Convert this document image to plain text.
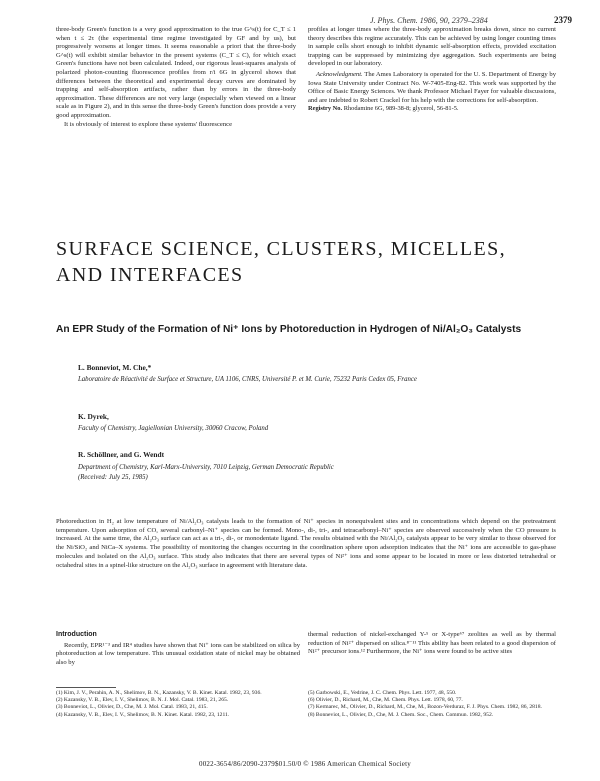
J. Phys. Chem. 1986, 90, 2379–2384	2379

three-body Green's function is a very good approximation to the true G^s(t) for C_T ≤ 1 when t ≤ 2τ (the experimental time regime investigated by GF and by us), but progressively worsens at longer times. It seems reasonable a priori that the three-body G^s(t) will exhibit similar behavior in the present systems (C_T ≤ C), for which exact Green's functions have not been calculated. Indeed, our rigorous least-squares analysis of polarized photon-counting fluorescence profiles from r/i 6G in glycerol shows that differences between the theoretical and experimental decay curves are dominated by trapping and self-absorption artifacts, rather than by errors in the three-body approximation. These differences are not very large (especially when viewed on a linear scale as in Figure 2), and in this sense the three-body Green's function does provide a very good approximation.

It is obviously of interest to explore these systems' fluorescence

profiles at longer times where the three-body approximation breaks down, since no current theory describes this regime accurately. This can be achieved by using longer counting times in sample cells short enough to inhibit dynamic self-absorption effects, provided excitation trapping can be suppressed by minimizing dye aggregation. Such experiments are being developed in our laboratory.

Acknowledgment. The Ames Laboratory is operated for the U. S. Department of Energy by Iowa State University under Contract No. W-7405-Eng-82. This work was supported by the Office of Basic Energy Sciences. We thank Professor Michael Fayer for valuable discussions, and are indebted to Robert Crackel for his help with the corrections for self-absorption.

Registry No. Rhodamine 6G, 989-38-8; glycerol, 56-81-5.

SURFACE SCIENCE, CLUSTERS, MICELLES, AND INTERFACES
An EPR Study of the Formation of Ni⁺ Ions by Photoreduction in Hydrogen of Ni/Al₂O₃ Catalysts
L. Bonneviot, M. Che,*
Laboratoire de Réactivité de Surface et Structure, UA 1106, CNRS, Université P. et M. Curie, 75232 Paris Cedex 05, France
K. Dyrek,
Faculty of Chemistry, Jagiellonian University, 30060 Cracow, Poland
R. Schöllner, and G. Wendt
Department of Chemistry, Karl-Marx-University, 7010 Leipzig, German Democratic Republic
(Received: July 25, 1985)
Photoreduction in H₂ at low temperature of Ni/Al₂O₃ catalysts leads to the formation of Ni⁺ species in nonequivalent sites and in concentrations which depend on the pretreatment temperature. Upon adsorption of CO, several carbonyl–Ni⁺ species can be formed. Mono-, di-, tri-, and tetracarbonyl–Ni⁺ species are observed successively when the CO pressure is increased. At the same time, the Al₂O₃ surface can act as a tri-, di-, or monodentate ligand. The results obtained with the Ni/Al₂O₃ catalysts appear to be very similar to those observed for the Ni/SiO₂ and NiCa–X systems. The possibility of monitoring the changes occurring in the coordination sphere upon adsorption indicates that the Ni⁺ ions are accessible to gas-phase molecules and isolated on the Al₂O₃ surface. This study also indicates that there are several types of Ni²⁺ ions and some appear to be located in more or less distorted tetrahedral or octahedral sites in a spinel-like structure on the Al₂O₃ surface in agreement with literature data.
Introduction
Recently, EPR¹⁻³ and IR⁴ studies have shown that Ni⁺ ions can be stabilized on silica by photoreduction at low temperature. This unusual oxidation state of nickel may be obtained also by
thermal reduction of nickel-exchanged Y-⁵ or X-type⁶⁷ zeolites as well as by thermal reduction of Ni²⁺ dispersed on silica.⁸⁻¹¹ This ability has been related to a good dispersion of Ni²⁺ precursor ions.¹² Furthermore, the Ni⁺ ions were found to be active sites
(1) Kim, J. V., Perahin, A. N., Shelimov, B. N., Kazansky, V. B. Kinet. Katal. 1982, 23, 936.
(2) Kazansky, V. B., Elev, I. V., Shelimov, B. N. J. Mol. Catal. 1983, 21, 265.
(3) Bonneviot, L., Olivier, D., Che, M. J. Mol. Catal. 1983, 21, 415.
(4) Kazansky, V. B., Elev, I. V., Shelimov, B. N. Kinet. Katal. 1982, 23, 1211.
(5) Garbowski, E., Vedrine, J. C. Chem. Phys. Lett. 1977, 48, 550.
(6) Olivier, D., Richard, M., Che, M. Chem. Phys. Lett. 1978, 60, 77.
(7) Kermarec, M., Olivier, D., Richard, M., Che, M., Bozon-Verduraz, F. J. Phys. Chem. 1982, 86, 2818.
(8) Bonneviot, L., Olivier, D., Che, M. J. Chem. Soc., Chem. Commun. 1982, 952.
0022-3654/86/2090-2379$01.50/0 © 1986 American Chemical Society
